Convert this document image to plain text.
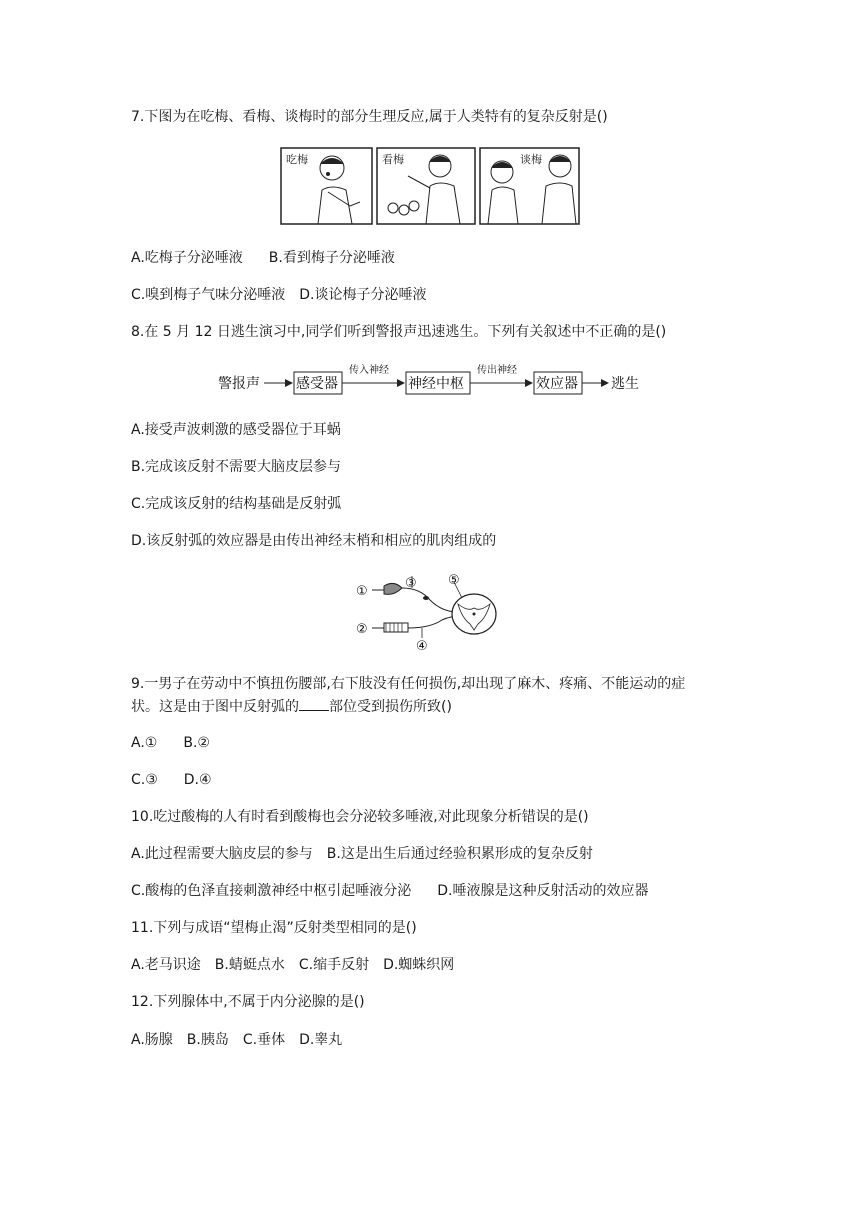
7.下图为在吃梅、看梅、谈梅时的部分生理反应,属于人类特有的复杂反射是()
吃梅	看梅	谈梅
A.吃梅子分泌唾液 B.看到梅子分泌唾液
C.嗅到梅子气味分泌唾液 D.谈论梅子分泌唾液
8.在 5 月 12 日逃生演习中,同学们听到警报声迅速逃生。下列有关叙述中不正确的是()
警报声	感受器
传入神经
神经中枢
传出神经
效应器 逃生
A.接受声波刺激的感受器位于耳蜗
B.完成该反射不需要大脑皮层参与
C.完成该反射的结构基础是反射弧
D.该反射弧的效应器是由传出神经末梢和相应的肌肉组成的
①
②
③
④
⑤
9.一男子在劳动中不慎扭伤腰部,右下肢没有任何损伤,却出现了麻木、疼痛、不能运动的症
状。这是由于图中反射弧的 部位受到损伤所致()
A.① B.②
C.③ D.④
10.吃过酸梅的人有时看到酸梅也会分泌较多唾液,对此现象分析错误的是()
A.此过程需要大脑皮层的参与 B.这是出生后通过经验积累形成的复杂反射
C.酸梅的色泽直接刺激神经中枢引起唾液分泌 D.唾液腺是这种反射活动的效应器
11.下列与成语“望梅止渴”反射类型相同的是()
A.老马识途 B.蜻蜓点水 C.缩手反射 D.蜘蛛织网
12.下列腺体中,不属于内分泌腺的是()
A.肠腺 B.胰岛 C.垂体 D.睾丸
